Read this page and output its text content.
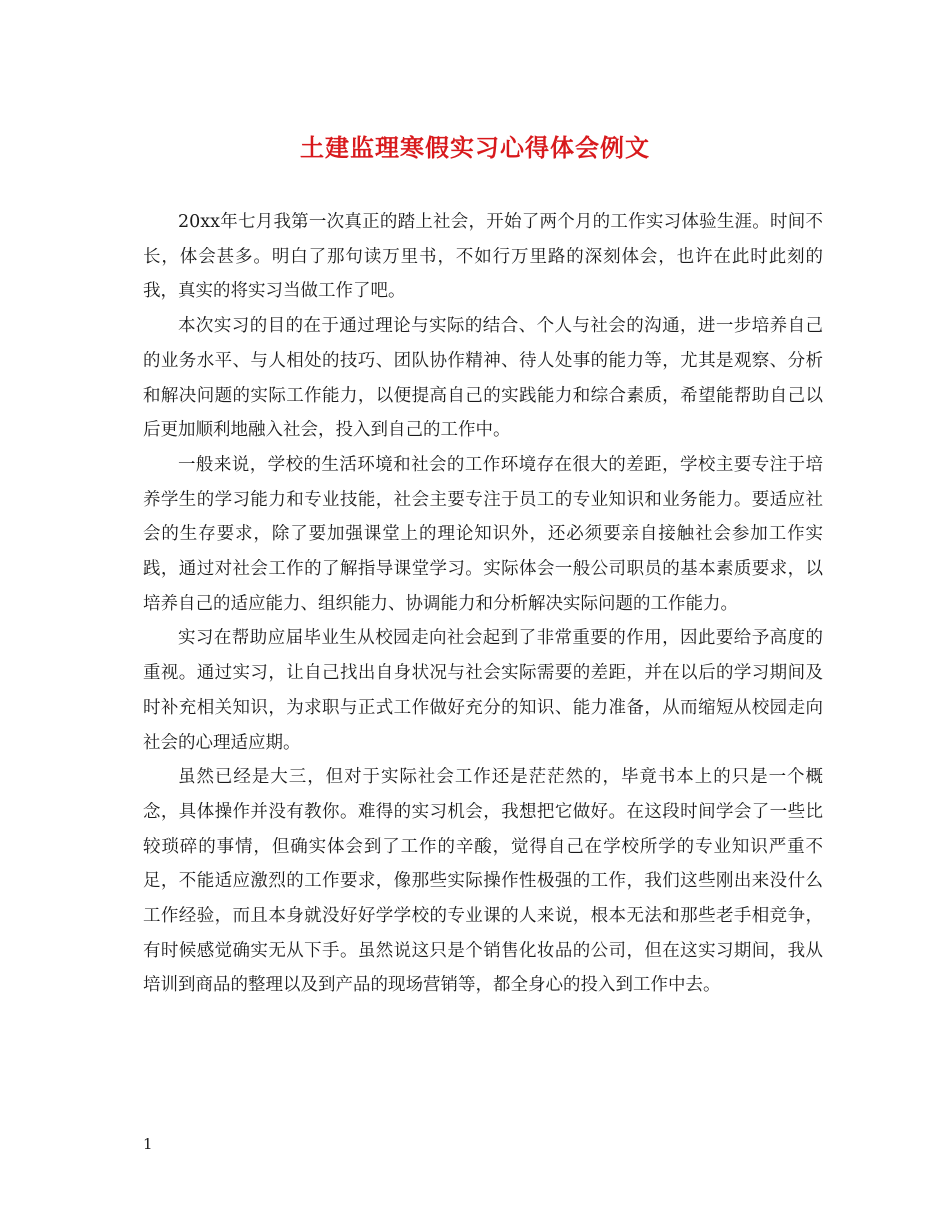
土建监理寒假实习心得体会例文

20xx年七月我第一次真正的踏上社会，开始了两个月的工作实习体验生涯。时间不长，体会甚多。明白了那句读万里书，不如行万里路的深刻体会，也许在此时此刻的我，真实的将实习当做工作了吧。

本次实习的目的在于通过理论与实际的结合、个人与社会的沟通，进一步培养自己的业务水平、与人相处的技巧、团队协作精神、待人处事的能力等，尤其是观察、分析和解决问题的实际工作能力，以便提高自己的实践能力和综合素质，希望能帮助自己以后更加顺利地融入社会，投入到自己的工作中。

一般来说，学校的生活环境和社会的工作环境存在很大的差距，学校主要专注于培养学生的学习能力和专业技能，社会主要专注于员工的专业知识和业务能力。要适应社会的生存要求，除了要加强课堂上的理论知识外，还必须要亲自接触社会参加工作实践，通过对社会工作的了解指导课堂学习。实际体会一般公司职员的基本素质要求，以培养自己的适应能力、组织能力、协调能力和分析解决实际问题的工作能力。

实习在帮助应届毕业生从校园走向社会起到了非常重要的作用，因此要给予高度的重视。通过实习，让自己找出自身状况与社会实际需要的差距，并在以后的学习期间及时补充相关知识，为求职与正式工作做好充分的知识、能力准备，从而缩短从校园走向社会的心理适应期。

虽然已经是大三，但对于实际社会工作还是茫茫然的，毕竟书本上的只是一个概念，具体操作并没有教你。难得的实习机会，我想把它做好。在这段时间学会了一些比较琐碎的事情，但确实体会到了工作的辛酸，觉得自己在学校所学的专业知识严重不足，不能适应激烈的工作要求，像那些实际操作性极强的工作，我们这些刚出来没什么工作经验，而且本身就没好好学学校的专业课的人来说，根本无法和那些老手相竞争，有时候感觉确实无从下手。虽然说这只是个销售化妆品的公司，但在这实习期间，我从培训到商品的整理以及到产品的现场营销等，都全身心的投入到工作中去。

1
